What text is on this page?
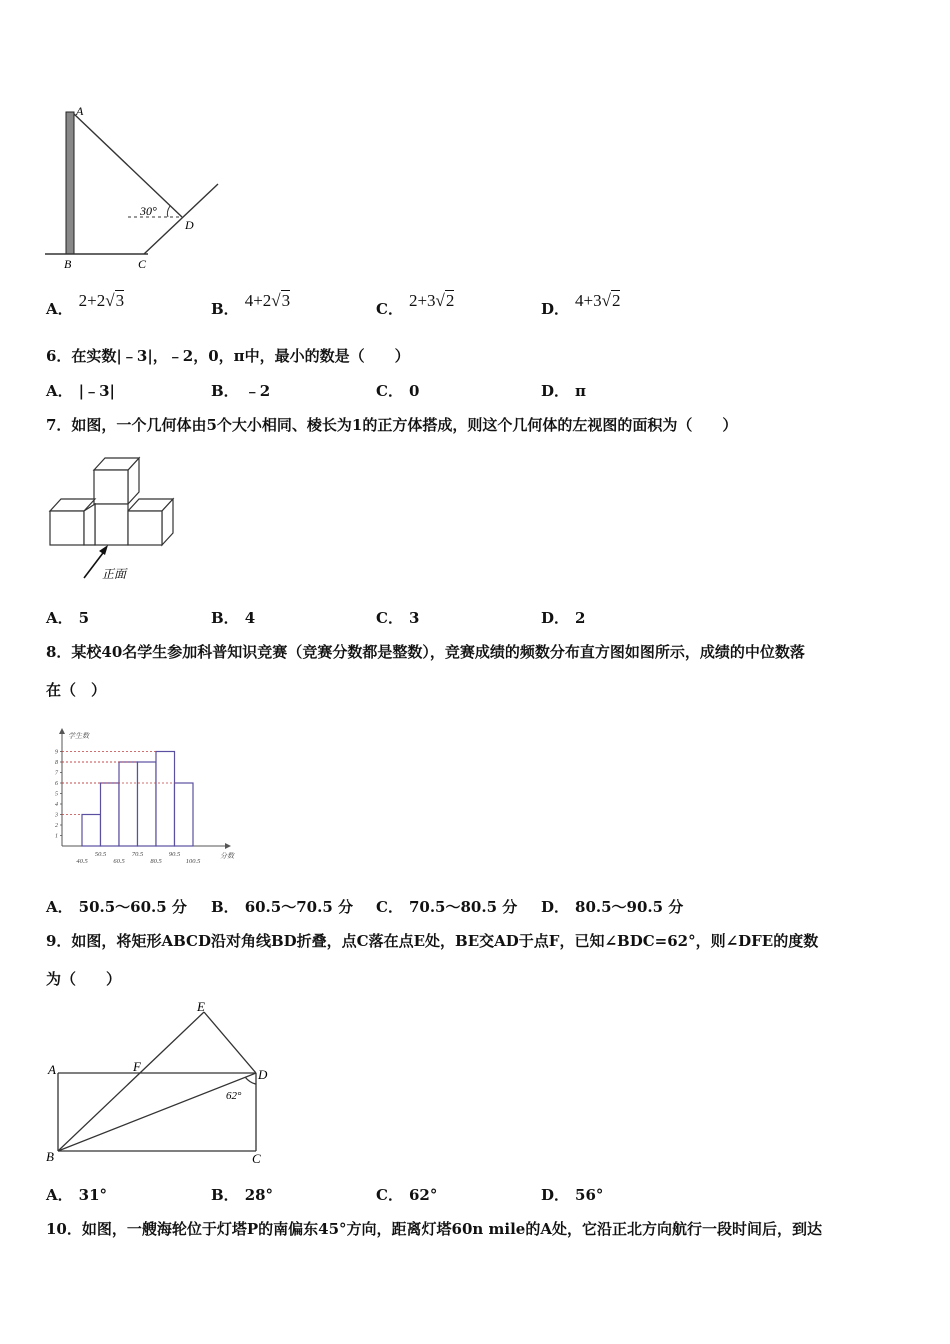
A
B	C
D
30°
A． 2+2√3	B． 4+2√3	C． 2+3√2	D． 4+3√2
6．在实数|﹣3|，﹣2，0，π中，最小的数是（　　）
A． |﹣3|	B． ﹣2	C． 0	D． π
7．如图，一个几何体由5个大小相同、棱长为1的正方体搭成，则这个几何体的左视图的面积为（　　）
正面
A． 5	B． 4	C． 3	D． 2
8．某校40名学生参加科普知识竞赛（竞赛分数都是整数），竞赛成绩的频数分布直方图如图所示，成绩的中位数落
在（　）
1
2
3
4
5
6
7
8
9
40.5
50.5
60.5
70.5
80.5
90.5
100.5
学生数
分数
A． 50.5～60.5 分 B． 60.5～70.5 分 C． 70.5～80.5 分 D． 80.5～90.5 分
9．如图，将矩形ABCD沿对角线BD折叠，点C落在点E处，BE交AD于点F，已知∠BDC=62°，则∠DFE的度数
为（　　）
A
B	C
D
E
F
62°
A． 31°	B． 28°	C． 62°	D． 56°
10．如图，一艘海轮位于灯塔P的南偏东45°方向，距离灯塔60n mile的A处，它沿正北方向航行一段时间后，到达
